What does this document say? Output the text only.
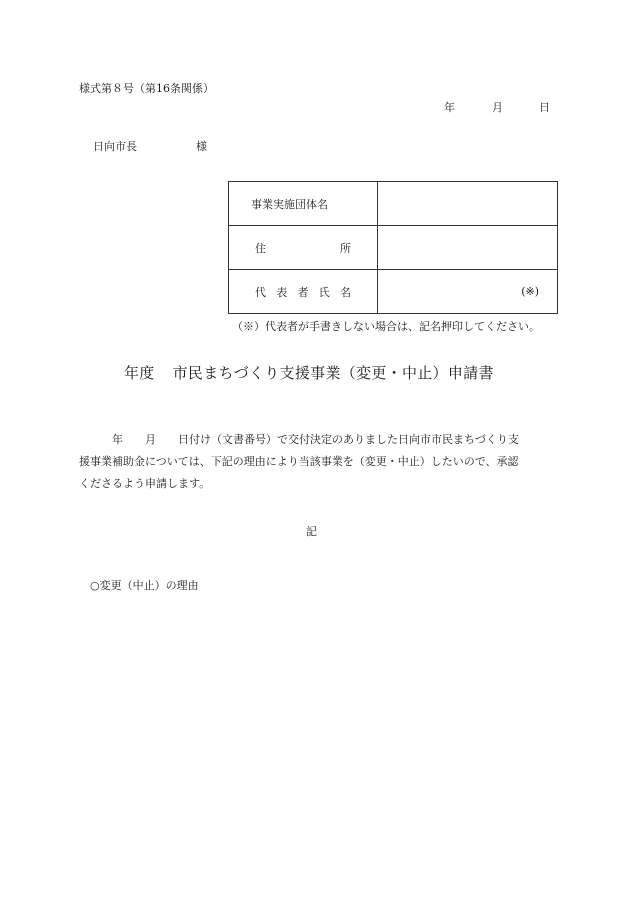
様式第８号（第16条関係）
年	月	日
日向市長	様
事業実施団体名	

住 所	

代 表 者 氏 名	(※)
（※）代表者が手書きしない場合は、記名押印してください。
年度 市民まちづくり支援事業（変更・中止）申請書

　　　年　　月　　日付け（文書番号）で交付決定のありました日向市市民まちづくり支

援事業補助金については、下記の理由により当該事業を（変更・中止）したいので、承認

くださるよう申請します。

記
○変更（中止）の理由
